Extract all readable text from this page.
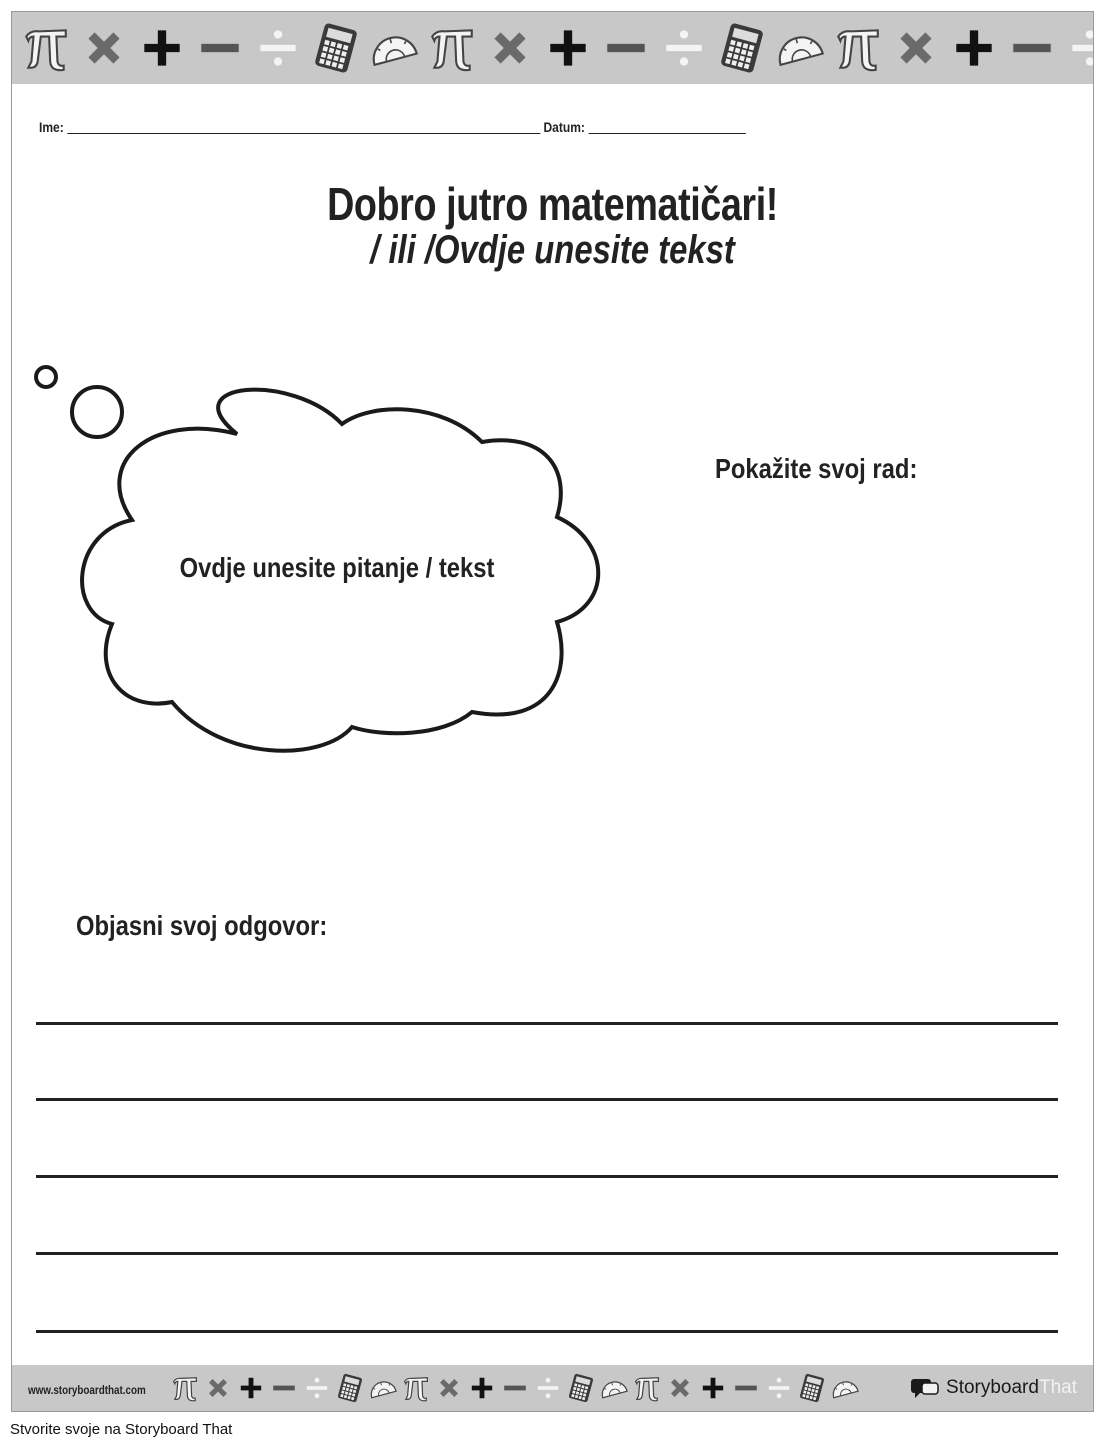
Ime:	Datum:
Dobro jutro matematičari!
/ ili /Ovdje unesite tekst
Ovdje unesite pitanje / tekst
Pokažite svoj rad:
Objasni svoj odgovor:
www.storyboardthat.com	Storyboard That
Stvorite svoje na Storyboard That
